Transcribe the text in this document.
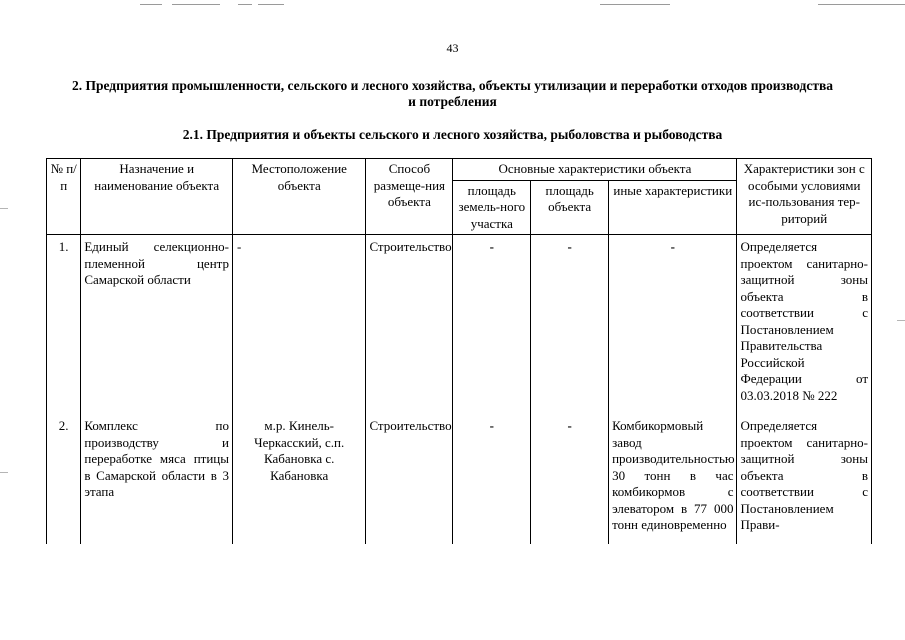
43
2. Предприятия промышленности, сельского и лесного хозяйства, объекты утилизации и переработки отходов производства и потребления
2.1. Предприятия и объекты сельского и лесного хозяйства, рыболовства и рыбоводства
№ п/п	Назначение и наименование объекта	Местоположение объекта	Способ размеще-ния объекта	Основные характеристики объекта			Характеристики зон с особыми условиями ис-пользования тер-риторий
				площадь земель-ного участка	площадь объекта	иные характеристики	
1.	Единый селекционно-племенной центр Самарской области	-	Строительство	-	-	-	Определяется проектом санитарно-защитной зоны объекта в соответствии с Постановлением Правительства Российской Федерации от 03.03.2018 № 222
2.	Комплекс по производству и переработке мяса птицы в Самарской области в 3 этапа	м.р. Кинель-Черкасский, с.п. Кабановка с. Кабановка	Строительство	-	-	Комбикормовый завод производительностью 30 тонн в час комбикормов с элеватором в 77 000 тонн единовременно	Определяется проектом санитарно-защитной зоны объекта в соответствии с Постановлением Прави-
